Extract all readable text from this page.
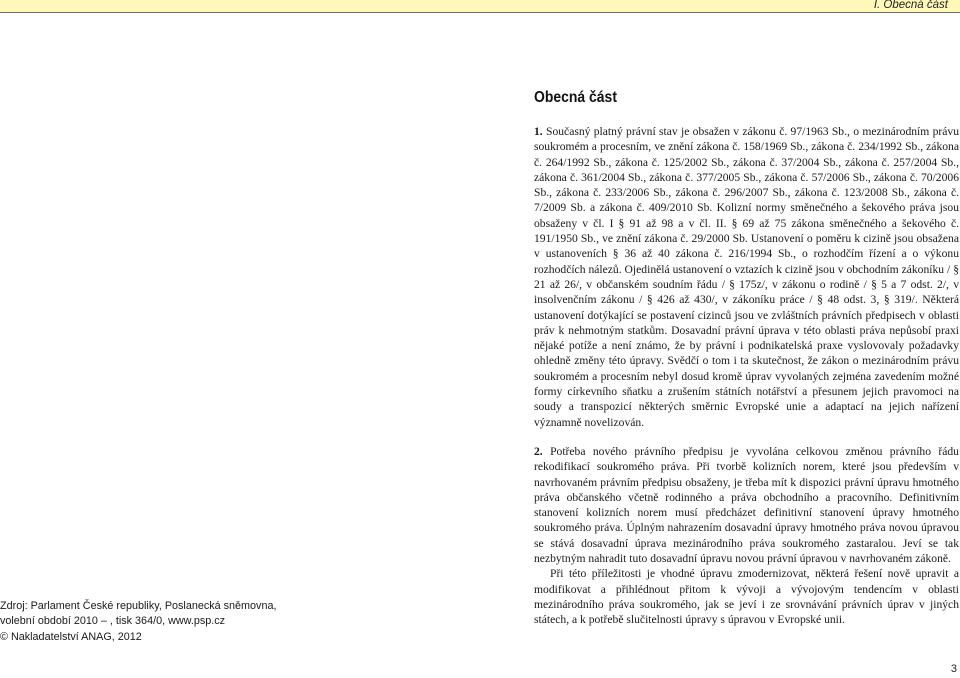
I. Obecná část
Obecná část

1. Současný platný právní stav je obsažen v zákonu č. 97/1963 Sb., o mezinárodním právu soukromém a procesním, ve znění zákona č. 158/1969 Sb., zákona č. 234/1992 Sb., zákona č. 264/1992 Sb., zákona č. 125/2002 Sb., zákona č. 37/2004 Sb., zákona č. 257/2004 Sb., zákona č. 361/2004 Sb., zákona č. 377/2005 Sb., zákona č. 57/2006 Sb., zákona č. 70/2006 Sb., zákona č. 233/2006 Sb., zákona č. 296/2007 Sb., zákona č. 123/2008 Sb., zákona č. 7/2009 Sb. a zákona č. 409/2010 Sb. Kolizní normy směnečného a šekového práva jsou obsaženy v čl. I § 91 až 98 a v čl. II. § 69 až 75 zákona směnečného a šekového č. 191/1950 Sb., ve znění zákona č. 29/2000 Sb. Ustanovení o poměru k cizině jsou obsažena v ustanoveních § 36 až 40 zákona č. 216/1994 Sb., o rozhodčím řízení a o výkonu rozhodčích nálezů. Ojedinělá ustanovení o vztazích k cizině jsou v obchodním zákoníku / § 21 až 26/, v občanském soudním řádu / § 175z/, v zákonu o rodině / § 5 a 7 odst. 2/, v insolvenčním zákonu / § 426 až 430/, v zákoníku práce / § 48 odst. 3, § 319/. Některá ustanovení dotýkající se postavení cizinců jsou ve zvláštních právních předpisech v oblasti práv k nehmotným statkům. Dosavadní právní úprava v této oblasti práva nepůsobí praxi nějaké potíže a není známo, že by právní i podnikatelská praxe vyslovovaly požadavky ohledně změny této úpravy. Svědčí o tom i ta skutečnost, že zákon o mezinárodním právu soukromém a procesním nebyl dosud kromě úprav vyvolaných zejména zavedením možné formy církevního sňatku a zrušením státních notářství a přesunem jejich pravomoci na soudy a transpozicí některých směrnic Evropské unie a adaptací na jejich nařízení významně novelizován.

2. Potřeba nového právního předpisu je vyvolána celkovou změnou právního řádu rekodifikací soukromého práva. Při tvorbě kolizních norem, které jsou především v navrhovaném právním předpisu obsaženy, je třeba mít k dispozici právní úpravu hmotného práva občanského včetně rodinného a práva obchodního a pracovního. Definitivním stanovení kolizních norem musí předcházet definitivní stanovení úpravy hmotného soukromého práva. Úplným nahrazením dosavadní úpravy hmotného práva novou úpravou se stává dosavadní úprava mezinárodního práva soukromého zastaralou. Jeví se tak nezbytným nahradit tuto dosavadní úpravu novou právní úpravou v navrhovaném zákoně.

Při této příležitosti je vhodné úpravu zmodernizovat, některá řešení nově upravit a modifikovat a přihlédnout přitom k vývoji a vývojovým tendencím v oblasti mezinárodního práva soukromého, jak se jeví i ze srovnávání právních úprav v jiných státech, a k potřebě slučitelnosti úpravy s úpravou v Evropské unii.

Zdroj: Parlament České republiky, Poslanecká sněmovna,
volební období 2010 – , tisk 364/0, www.psp.cz
© Nakladatelství ANAG, 2012
3
